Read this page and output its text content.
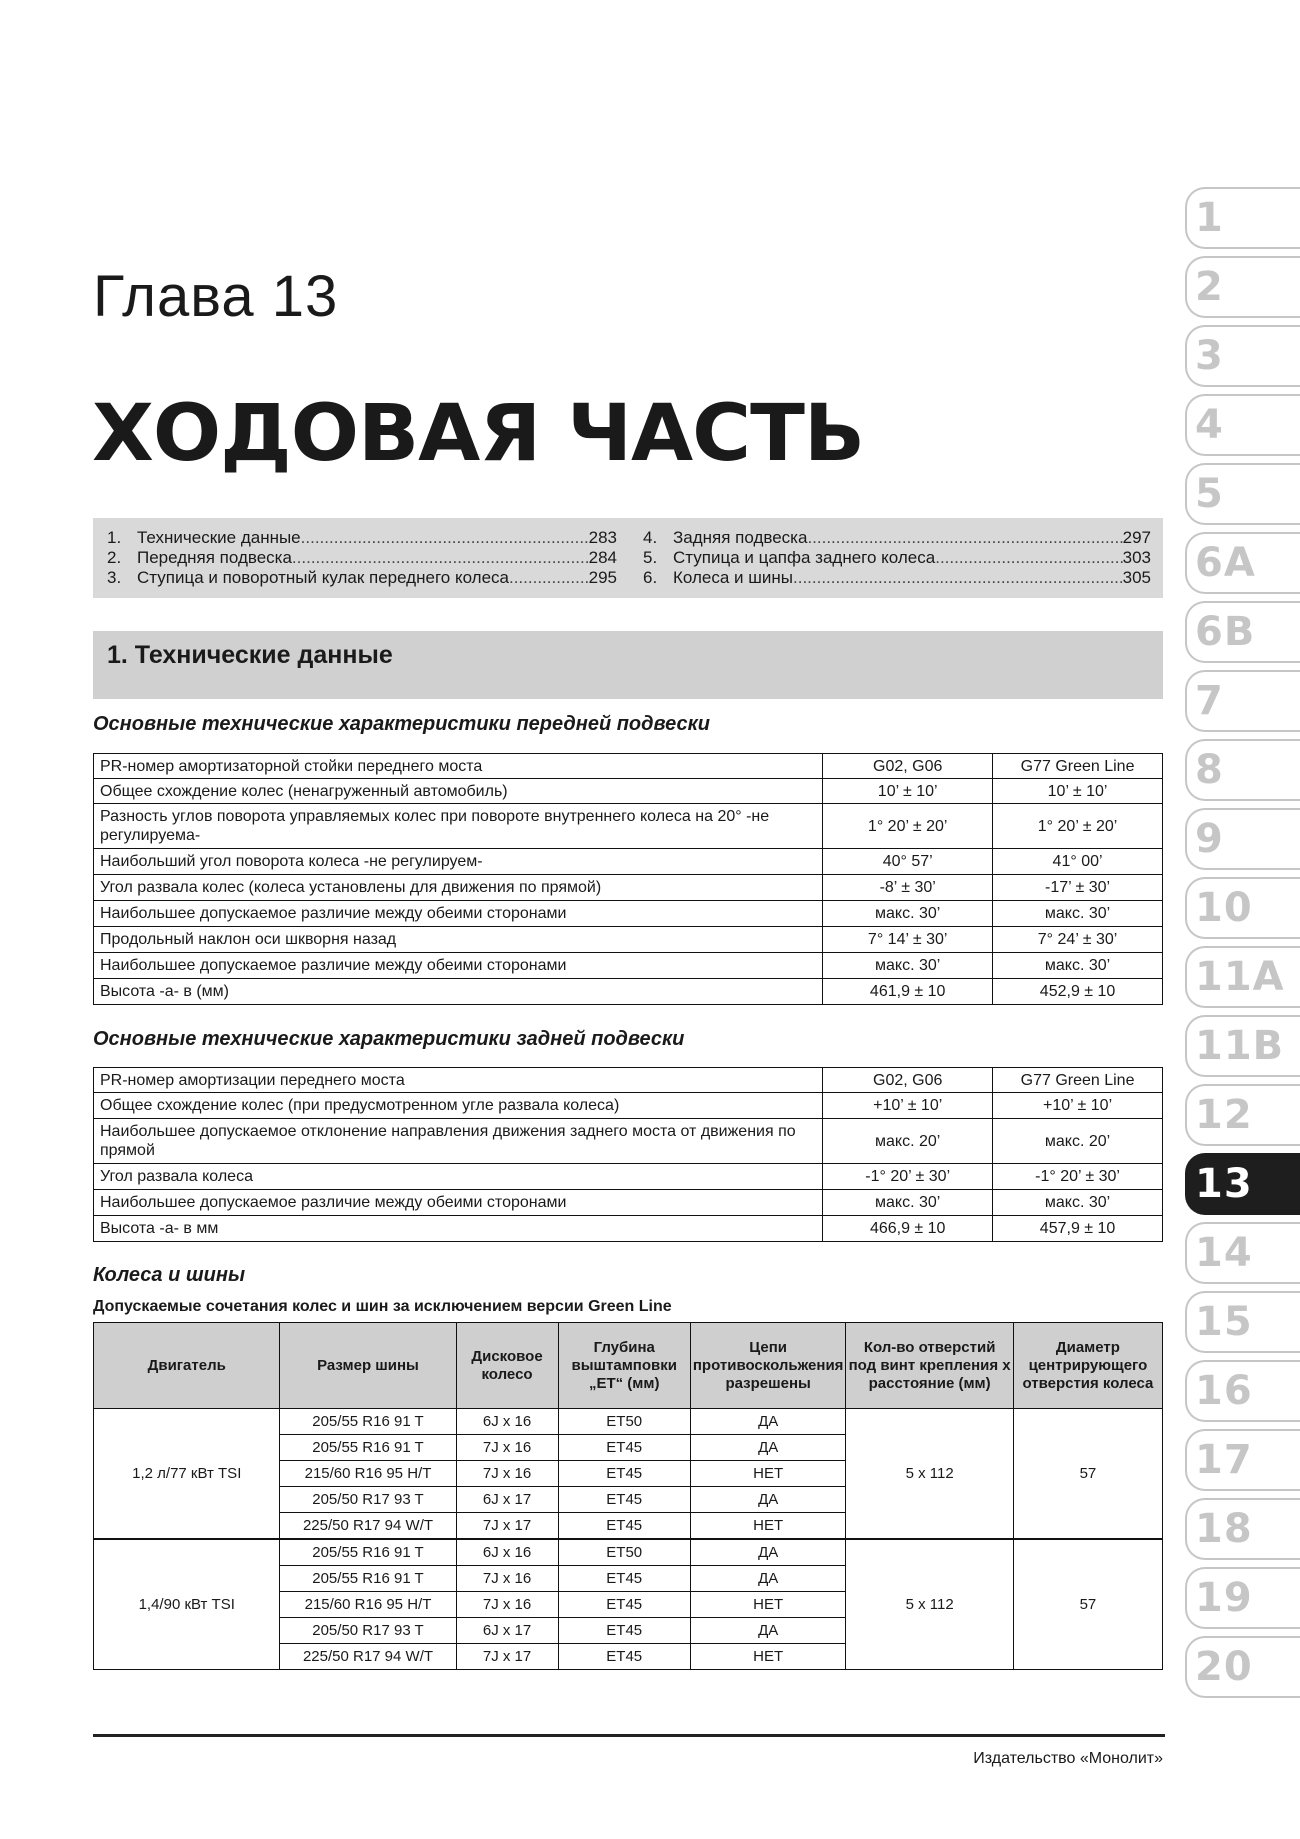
Глава 13
ХОДОВАЯ ЧАСТЬ
1. Технические данные .....	283
2. Передняя подвеска .....	284
3. Ступица и поворотный кулак переднего колеса .....	295
4. Задняя подвеска .....	297
5. Ступица и цапфа заднего колеса .....	303
6. Колеса и шины .....	305
1. Технические данные
Основные технические характеристики передней подвески
PR-номер амортизаторной стойки переднего моста	G02, G06	G77 Green Line
Общее схождение колес (ненагруженный автомобиль)	10’ ± 10’	10’ ± 10’
Разность углов поворота управляемых колес при повороте внутреннего колеса на 20° -не регулируема-	1° 20’ ± 20’	1° 20’ ± 20’
Наибольший угол поворота колеса -не регулируем-	40° 57’	41° 00’
Угол развала колес (колеса установлены для движения по прямой)	-8’ ± 30’	-17’ ± 30’
Наибольшее допускаемое различие между обеими сторонами	макс. 30’	макс. 30’
Продольный наклон оси шкворня назад	7° 14’ ± 30’	7° 24’ ± 30’
Наибольшее допускаемое различие между обеими сторонами	макс. 30’	макс. 30’
Высота -а- в (мм)	461,9 ± 10	452,9 ± 10
Основные технические характеристики задней подвески
PR-номер амортизации переднего моста	G02, G06	G77 Green Line
Общее схождение колес (при предусмотренном угле развала колеса)	+10’ ± 10’	+10’ ± 10’
Наибольшее допускаемое отклонение направления движения заднего моста от движения по прямой	макс. 20’	макс. 20’
Угол развала колеса	-1° 20’ ± 30’	-1° 20’ ± 30’
Наибольшее допускаемое различие между обеими сторонами	макс. 30’	макс. 30’
Высота -а- в мм	466,9 ± 10	457,9 ± 10
Колеса и шины

Допускаемые сочетания колес и шин за исключением версии Green Line

Двигатель	Размер шины	Дисковое колесо	Глубина выштамповки „ET“ (мм)	Цепи противоскольжения разрешены	Кол-во отверстий под винт крепления х расстояние (мм)	Диаметр центрирующего отверстия колеса
1,2 л/77 кВт TSI	205/55 R16 91 T	6J х 16	ET50	ДА	5 х 112	57
	205/55 R16 91 T	7J х 16	ET45	ДА		
	215/60 R16 95 H/T	7J х 16	ET45	НЕТ		
	205/50 R17 93 T	6J х 17	ET45	ДА		
	225/50 R17 94 W/T	7J х 17	ET45	НЕТ		
1,4/90 кВт TSI	205/55 R16 91 T	6J х 16	ET50	ДА	5 х 112	57
	205/55 R16 91 T	7J х 16	ET45	ДА		
	215/60 R16 95 H/T	7J х 16	ET45	НЕТ		
	205/50 R17 93 T	6J х 17	ET45	ДА		
	225/50 R17 94 W/T	7J х 17	ET45	НЕТ		
1
2
3
4
5
6A
6B
7
8
9
10
11A
11B
12
13
14
15
16
17
18
19
20
Издательство «Монолит»
